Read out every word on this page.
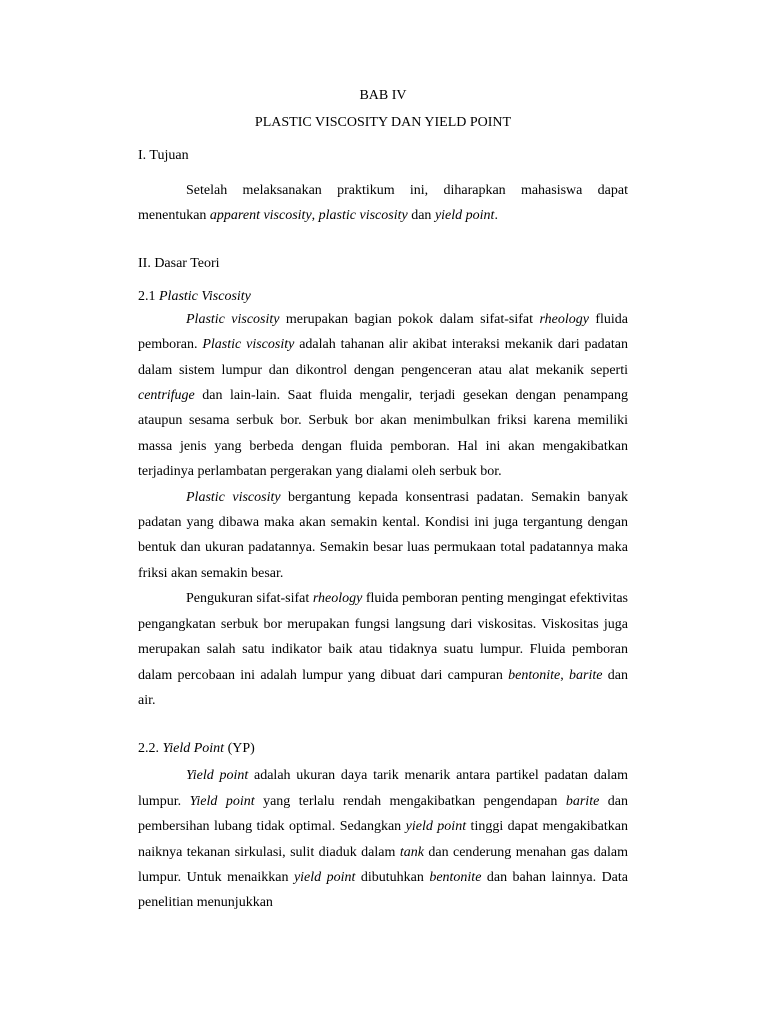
BAB IV
PLASTIC VISCOSITY DAN YIELD POINT
I. Tujuan

Setelah melaksanakan praktikum ini, diharapkan mahasiswa dapat menentukan apparent viscosity, plastic viscosity dan yield point.

II. Dasar Teori
2.1 Plastic Viscosity

Plastic viscosity merupakan bagian pokok dalam sifat-sifat rheology fluida pemboran. Plastic viscosity adalah tahanan alir akibat interaksi mekanik dari padatan dalam sistem lumpur dan dikontrol dengan pengenceran atau alat mekanik seperti centrifuge dan lain-lain. Saat fluida mengalir, terjadi gesekan dengan penampang ataupun sesama serbuk bor. Serbuk bor akan menimbulkan friksi karena memiliki massa jenis yang berbeda dengan fluida pemboran. Hal ini akan mengakibatkan terjadinya perlambatan pergerakan yang dialami oleh serbuk bor.

Plastic viscosity bergantung kepada konsentrasi padatan. Semakin banyak padatan yang dibawa maka akan semakin kental. Kondisi ini juga tergantung dengan bentuk dan ukuran padatannya. Semakin besar luas permukaan total padatannya maka friksi akan semakin besar.

Pengukuran sifat-sifat rheology fluida pemboran penting mengingat efektivitas pengangkatan serbuk bor merupakan fungsi langsung dari viskositas. Viskositas juga merupakan salah satu indikator baik atau tidaknya suatu lumpur. Fluida pemboran dalam percobaan ini adalah lumpur yang dibuat dari campuran bentonite, barite dan air.

2.2. Yield Point (YP)

Yield point adalah ukuran daya tarik menarik antara partikel padatan dalam lumpur. Yield point yang terlalu rendah mengakibatkan pengendapan barite dan pembersihan lubang tidak optimal. Sedangkan yield point tinggi dapat mengakibatkan naiknya tekanan sirkulasi, sulit diaduk dalam tank dan cenderung menahan gas dalam lumpur. Untuk menaikkan yield point dibutuhkan bentonite dan bahan lainnya. Data penelitian menunjukkan
